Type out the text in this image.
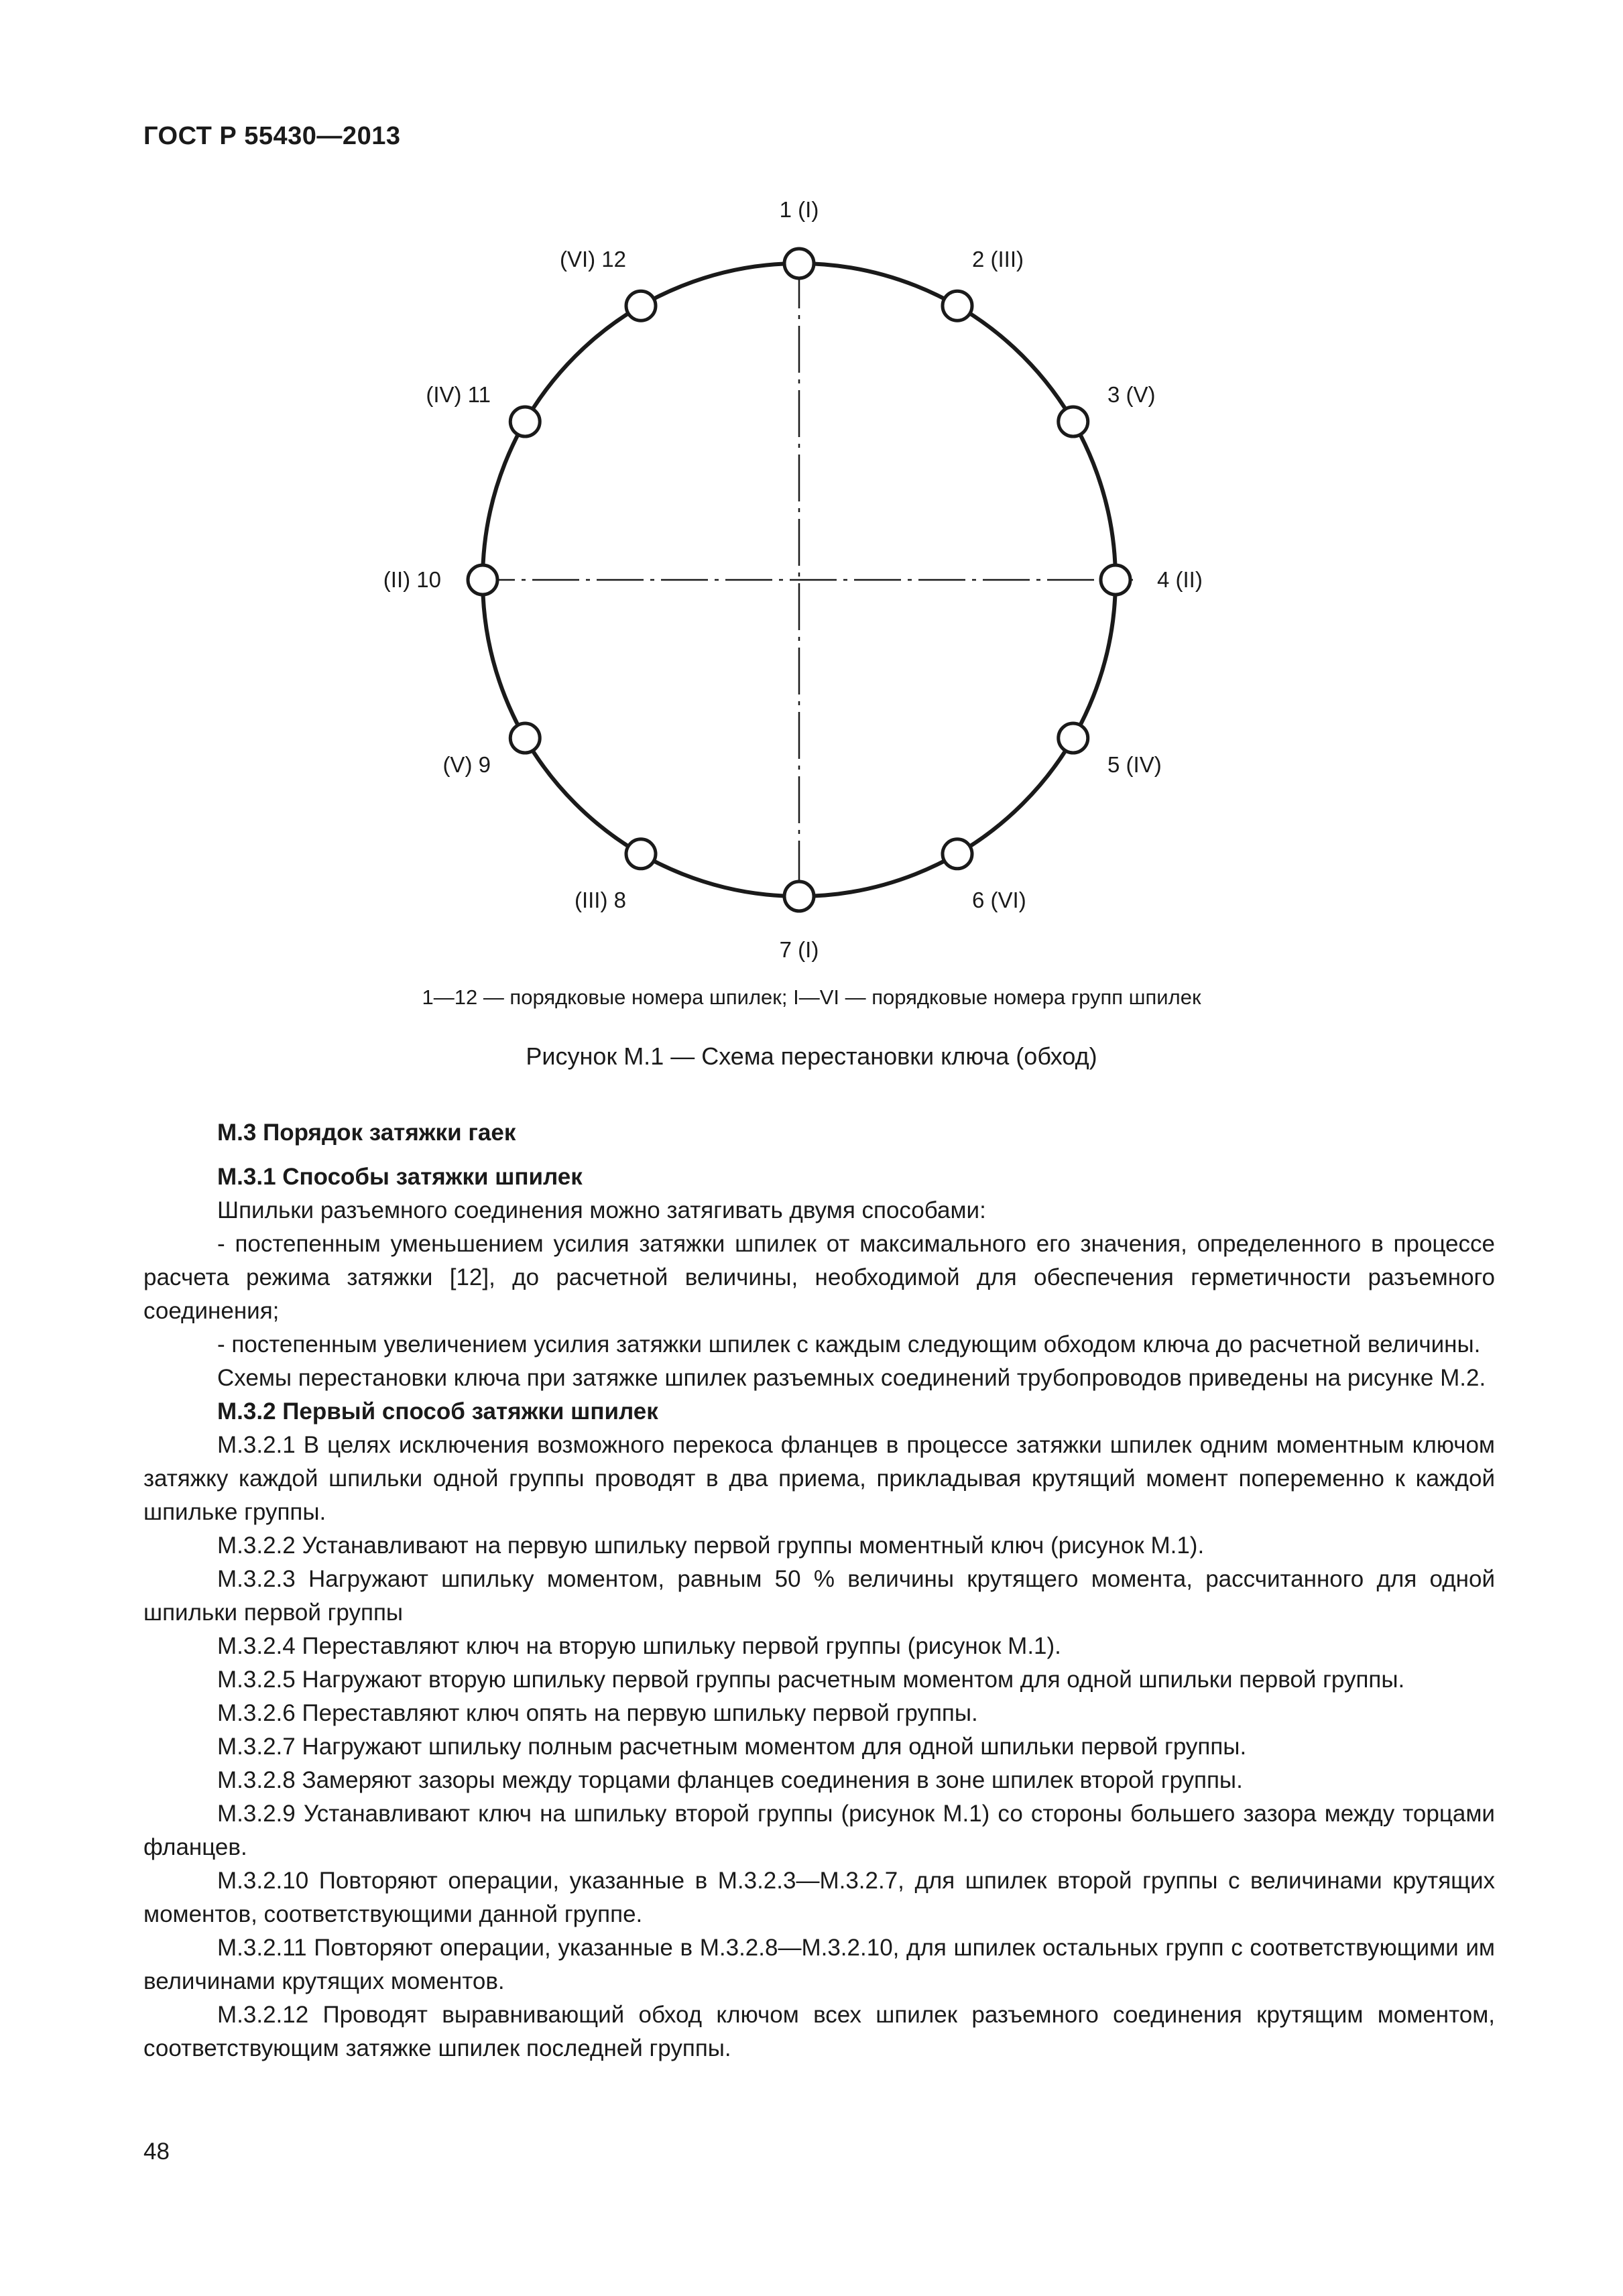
ГОСТ Р 55430—2013
1 (I)
2 (III)
3 (V)
4 (II)
5 (IV)
6 (VI)
7 (I)
(III) 8
(V) 9
(II) 10
(IV) 11
(VI) 12
1—12 — порядковые номера шпилек; I—VI — порядковые номера групп шпилек
Рисунок М.1 — Схема перестановки ключа (обход)

М.3 Порядок затяжки гаек

М.3.1 Способы затяжки шпилек

Шпильки разъемного соединения можно затягивать двумя способами:

- постепенным уменьшением усилия затяжки шпилек от максимального его значения, определенного в процессе расчета режима затяжки [12], до расчетной величины, необходимой для обеспечения герметичности разъемного соединения;

- постепенным увеличением усилия затяжки шпилек с каждым следующим обходом ключа до расчетной величины.

Схемы перестановки ключа при затяжке шпилек разъемных соединений трубопроводов приведены на рисунке М.2.

М.3.2 Первый способ затяжки шпилек

М.3.2.1 В целях исключения возможного перекоса фланцев в процессе затяжки шпилек одним моментным ключом затяжку каждой шпильки одной группы проводят в два приема, прикладывая крутящий момент попеременно к каждой шпильке группы.

М.3.2.2 Устанавливают на первую шпильку первой группы моментный ключ (рисунок М.1).

М.3.2.3 Нагружают шпильку моментом, равным 50 % величины крутящего момента, рассчитанного для одной шпильки первой группы

М.3.2.4 Переставляют ключ на вторую шпильку первой группы (рисунок М.1).

М.3.2.5 Нагружают вторую шпильку первой группы расчетным моментом для одной шпильки первой группы.

М.3.2.6 Переставляют ключ опять на первую шпильку первой группы.

М.3.2.7 Нагружают шпильку полным расчетным моментом для одной шпильки первой группы.

М.3.2.8 Замеряют зазоры между торцами фланцев соединения в зоне шпилек второй группы.

М.3.2.9 Устанавливают ключ на шпильку второй группы (рисунок М.1) со стороны большего зазора между торцами фланцев.

М.3.2.10 Повторяют операции, указанные в М.3.2.3—М.3.2.7, для шпилек второй группы с величинами крутящих моментов, соответствующими данной группе.

М.3.2.11 Повторяют операции, указанные в М.3.2.8—М.3.2.10, для шпилек остальных групп с соответствующими им величинами крутящих моментов.

М.3.2.12 Проводят выравнивающий обход ключом всех шпилек разъемного соединения крутящим моментом, соответствующим затяжке шпилек последней группы.

48
